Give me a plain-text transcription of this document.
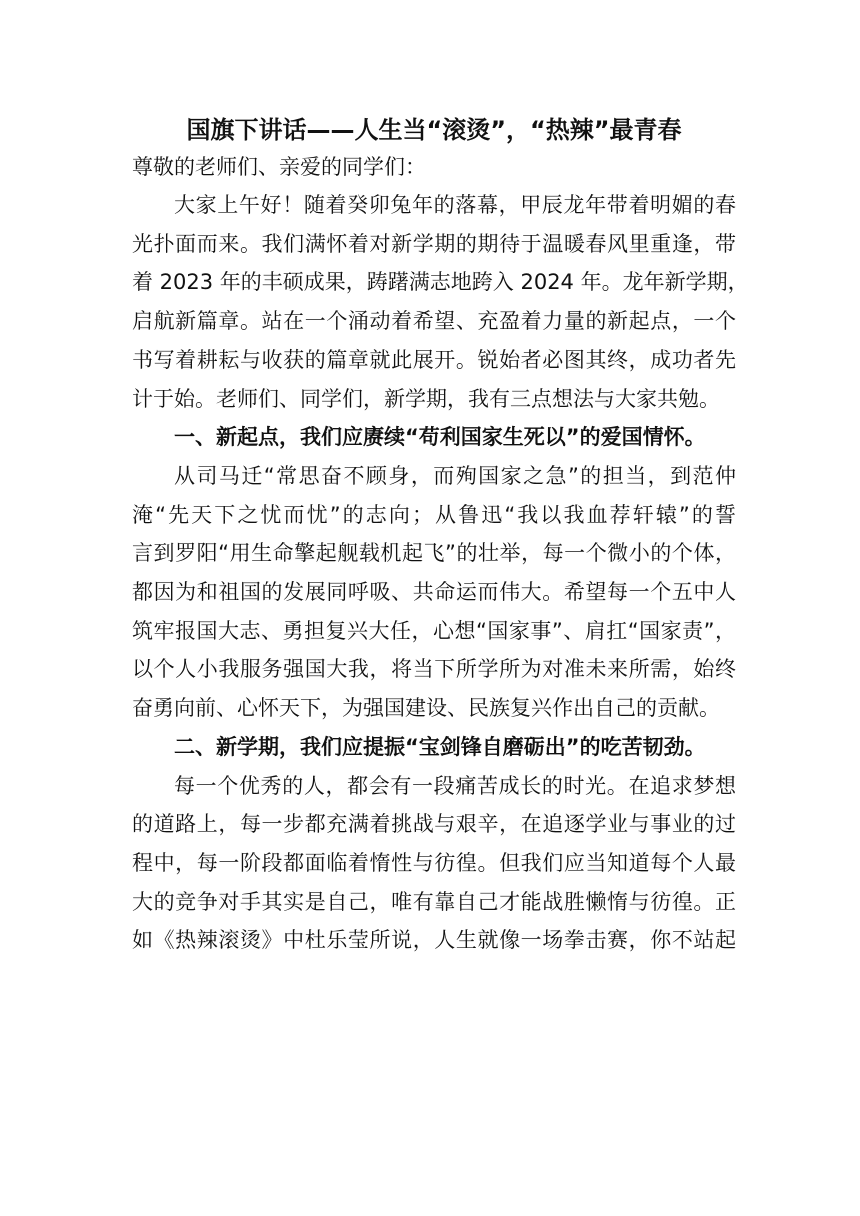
国旗下讲话——人生当“滚烫”，“热辣”最青春
尊敬的老师们、亲爱的同学们：
大家上午好！随着癸卯兔年的落幕，甲辰龙年带着明媚的春
光扑面而来。我们满怀着对新学期的期待于温暖春风里重逢，带
着 2023 年的丰硕成果，踌躇满志地跨入 2024 年。龙年新学期，
启航新篇章。站在一个涌动着希望、充盈着力量的新起点，一个
书写着耕耘与收获的篇章就此展开。锐始者必图其终，成功者先
计于始。老师们、同学们，新学期，我有三点想法与大家共勉。
一、新起点，我们应赓续“苟利国家生死以”的爱国情怀。
从司马迁“常思奋不顾身，而殉国家之急”的担当，到范仲
淹“先天下之忧而忧”的志向；从鲁迅“我以我血荐轩辕”的誓
言到罗阳“用生命擎起舰载机起飞”的壮举，每一个微小的个体，
都因为和祖国的发展同呼吸、共命运而伟大。希望每一个五中人
筑牢报国大志、勇担复兴大任，心想“国家事”、肩扛“国家责”，
以个人小我服务强国大我，将当下所学所为对准未来所需，始终
奋勇向前、心怀天下，为强国建设、民族复兴作出自己的贡献。
二、新学期，我们应提振“宝剑锋自磨砺出”的吃苦韧劲。
每一个优秀的人，都会有一段痛苦成长的时光。在追求梦想
的道路上，每一步都充满着挑战与艰辛，在追逐学业与事业的过
程中，每一阶段都面临着惰性与彷徨。但我们应当知道每个人最
大的竞争对手其实是自己，唯有靠自己才能战胜懒惰与彷徨。正
如《热辣滚烫》中杜乐莹所说，人生就像一场拳击赛，你不站起
